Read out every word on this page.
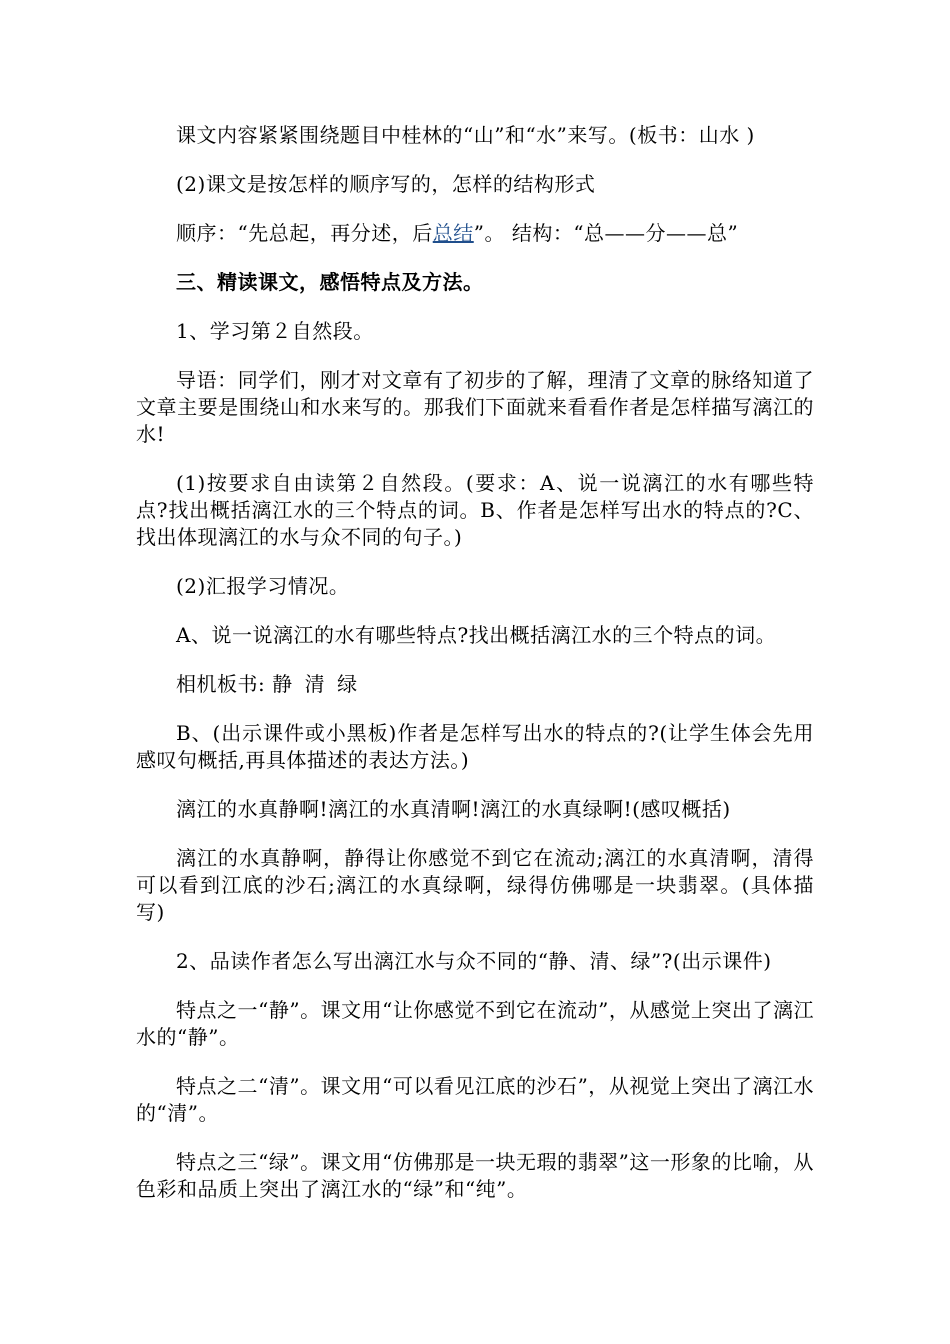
课文内容紧紧围绕题目中桂林的“山”和“水”来写。(板书：山水 )

(2)课文是按怎样的顺序写的，怎样的结构形式

顺序：“先总起，再分述，后总结”。 结构：“总——分——总”

三、精读课文，感悟特点及方法。

1、学习第２自然段。

导语：同学们，刚才对文章有了初步的了解，理清了文章的脉络知道了文章主要是围绕山和水来写的。那我们下面就来看看作者是怎样描写漓江的水!

(1)按要求自由读第２自然段。(要求：A、说一说漓江的水有哪些特点?找出概括漓江水的三个特点的词。B、作者是怎样写出水的特点的?C、找出体现漓江的水与众不同的句子。)

(2)汇报学习情况。

A、说一说漓江的水有哪些特点?找出概括漓江水的三个特点的词。

相机板书: 静 清 绿

B、(出示课件或小黑板)作者是怎样写出水的特点的?(让学生体会先用感叹句概括,再具体描述的表达方法。)

漓江的水真静啊!漓江的水真清啊!漓江的水真绿啊!(感叹概括)

漓江的水真静啊，静得让你感觉不到它在流动;漓江的水真清啊，清得可以看到江底的沙石;漓江的水真绿啊，绿得仿佛哪是一块翡翠。(具体描写)

2、品读作者怎么写出漓江水与众不同的“静、清、绿”?(出示课件)

特点之一“静”。课文用“让你感觉不到它在流动”，从感觉上突出了漓江水的“静”。

特点之二“清”。课文用“可以看见江底的沙石”，从视觉上突出了漓江水的“清”。

特点之三“绿”。课文用“仿佛那是一块无瑕的翡翠”这一形象的比喻，从色彩和品质上突出了漓江水的“绿”和“纯”。
